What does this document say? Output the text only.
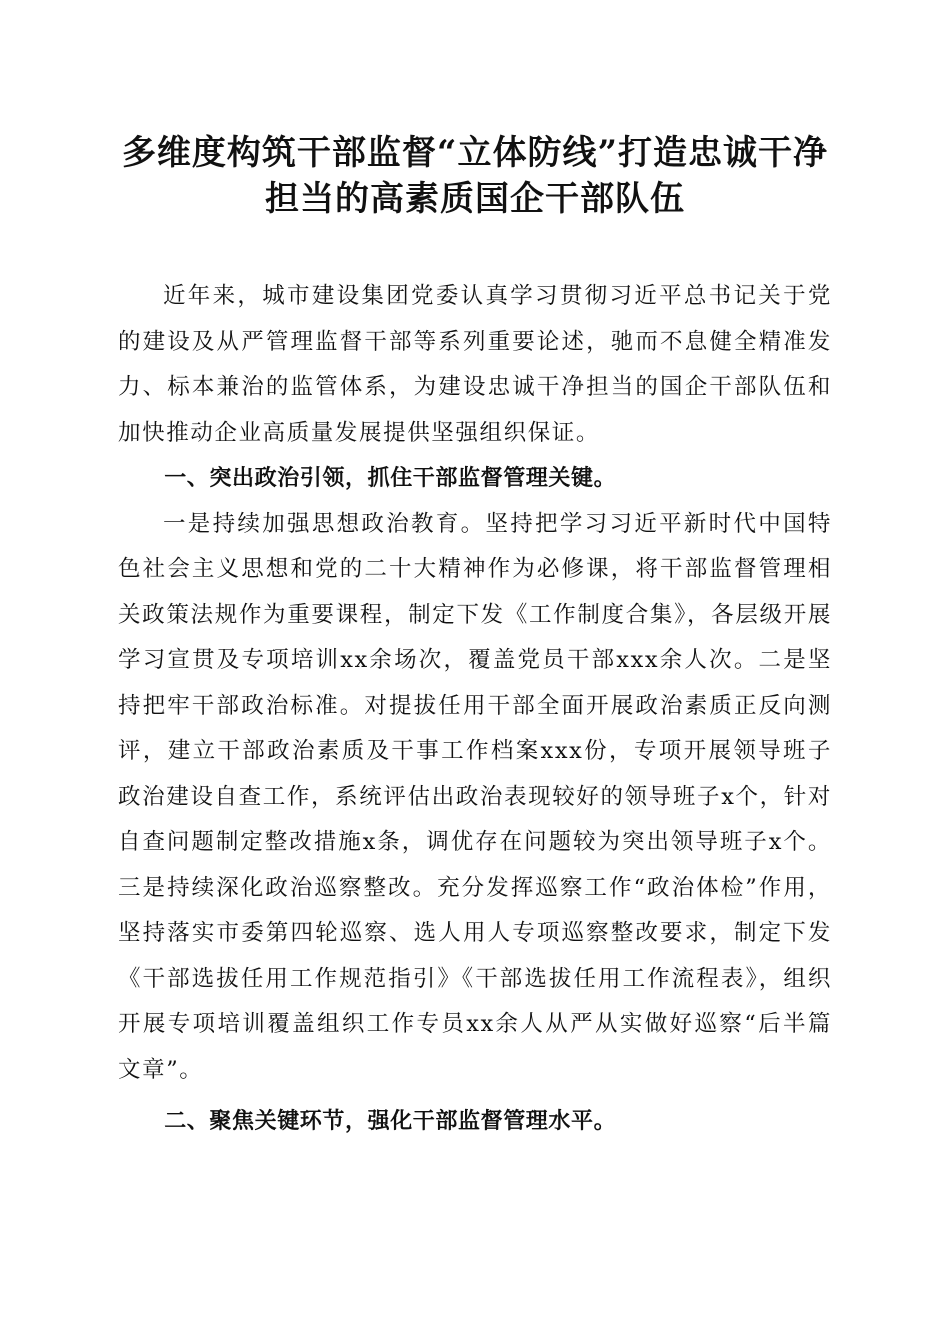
多维度构筑干部监督“立体防线”打造忠诚干净担当的高素质国企干部队伍

近年来，城市建设集团党委认真学习贯彻习近平总书记关于党的建设及从严管理监督干部等系列重要论述，驰而不息健全精准发力、标本兼治的监管体系，为建设忠诚干净担当的国企干部队伍和加快推动企业高质量发展提供坚强组织保证。

一、突出政治引领，抓住干部监督管理关键。

一是持续加强思想政治教育。坚持把学习习近平新时代中国特色社会主义思想和党的二十大精神作为必修课，将干部监督管理相关政策法规作为重要课程，制定下发《工作制度合集》，各层级开展学习宣贯及专项培训xx余场次，覆盖党员干部xxx余人次。二是坚持把牢干部政治标准。对提拔任用干部全面开展政治素质正反向测评，建立干部政治素质及干事工作档案xxx份，专项开展领导班子政治建设自查工作，系统评估出政治表现较好的领导班子x个，针对自查问题制定整改措施x条，调优存在问题较为突出领导班子x个。三是持续深化政治巡察整改。充分发挥巡察工作“政治体检”作用，坚持落实市委第四轮巡察、选人用人专项巡察整改要求，制定下发《干部选拔任用工作规范指引》《干部选拔任用工作流程表》，组织开展专项培训覆盖组织工作专员xx余人从严从实做好巡察“后半篇文章”。

二、聚焦关键环节，强化干部监督管理水平。
